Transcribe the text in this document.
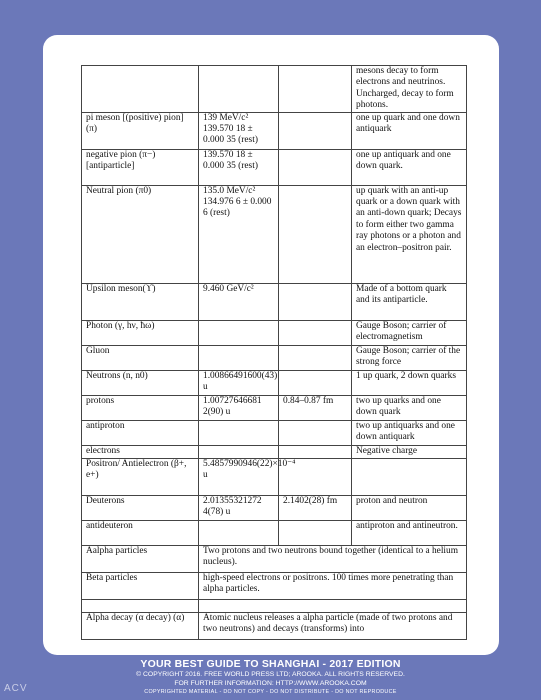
			mesons decay to form electrons and neutrinos. Uncharged, decay to form photons.
pi meson [(positive) pion] (π)	139 MeV/c² 139.570 18 ± 0.000 35 (rest)		one up quark and one down antiquark
negative pion (π−) [antiparticle]	139.570 18 ± 0.000 35 (rest)		one up antiquark and one down quark.
Neutral pion (π0)	135.0 MeV/c² 134.976 6 ± 0.000 6 (rest)		up quark with an anti-up quark or a down quark with an anti-down quark; Decays to form either two gamma ray photons or a photon and an electron–positron pair.
Upsilon meson(ϒ)	9.460 GeV/c²		Made of a bottom quark and its antiparticle.
Photon (γ, hν, ħω)			Gauge Boson; carrier of electromagnetism
Gluon			Gauge Boson; carrier of the strong force
Neutrons (n, n0)	1.00866491600(43) u		1 up quark, 2 down quarks
protons	1.00727646681 2(90) u	0.84–0.87 fm	two up quarks and one down quark
antiproton			two up antiquarks and one down antiquark
electrons			Negative charge
Positron/ Antielectron (β+, e+)	5.4857990946(22)×10⁻⁴ u		
Deuterons	2.01355321272 4(78) u	2.1402(28) fm	proton and neutron
antideuteron			antiproton and antineutron.
Aalpha particles	Two protons and two neutrons bound together (identical to a helium nucleus).		
Beta particles	high-speed electrons or positrons. 100 times more penetrating than alpha particles.		

Alpha decay (α decay) (α)	Atomic nucleus releases a alpha particle (made of two protons and two neutrons) and decays (transforms) into		
YOUR BEST GUIDE TO SHANGHAI - 2017 EDITION
© COPYRIGHT 2016. FREE WORLD PRESS LTD; AROOKA. ALL RIGHTS RESERVED.
FOR FURTHER INFORMATION: HTTP://WWW.AROOKA.COM
COPYRIGHTED MATERIAL - DO NOT COPY - DO NOT DISTRIBUTE - DO NOT REPRODUCE
ACV
